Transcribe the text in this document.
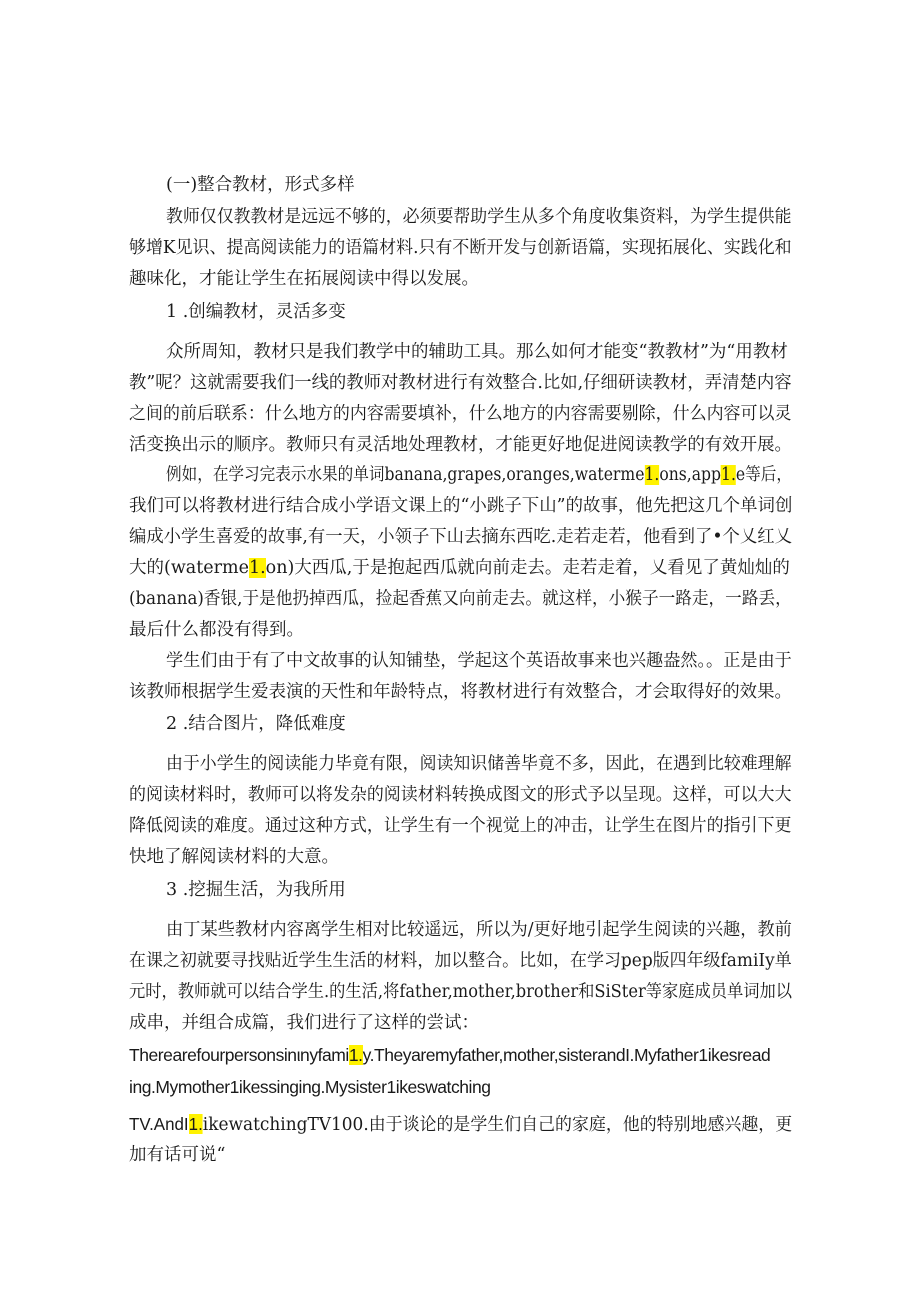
(一)整合教材，形式多样
教师仅仅教教材是远远不够的，必须要帮助学生从多个角度收集资料，为学生提供能
够增K见识、提高阅读能力的语篇材料.只有不断开发与创新语篇，实现拓展化、实践化和
趣味化，才能让学生在拓展阅读中得以发展。
1 .创编教材，灵活多变
众所周知，教材只是我们教学中的辅助工具。那么如何才能变“教教材”为“用教材
教”呢？这就需要我们一线的教师对教材进行有效整合.比如,仔细研读教材，弄清楚内容
之间的前后联系：什么地方的内容需要填补，什么地方的内容需要剔除，什么内容可以灵
活变换出示的顺序。教师只有灵活地处理教材，才能更好地促进阅读教学的有效开展。
例如，在学习完表示水果的单词banana,grapes,oranges,waterme1.ons,app1.e等后，
我们可以将教材进行结合成小学语文课上的“小跳子下山”的故事，他先把这几个单词创
编成小学生喜爱的故事,有一天，小领子下山去摘东西吃.走若走若，他看到了•个乂红乂
大的(waterme1.on)大西瓜,于是抱起西瓜就向前走去。走若走着，乂看见了黄灿灿的
(banana)香银,于是他扔掉西瓜，捡起香蕉又向前走去。就这样，小猴子一路走，一路丢，
最后什么都没有得到。
学生们由于有了中文故事的认知铺垫，学起这个英语故事来也兴趣盎然。。正是由于
该教师根据学生爱表演的天性和年龄特点，将教材进行有效整合，才会取得好的效果。
2 .结合图片，降低难度
由于小学生的阅读能力毕竟有限，阅读知识储善毕竟不多，因此，在遇到比较难理解
的阅读材料时，教师可以将发杂的阅读材料转换成图文的形式予以呈现。这样，可以大大
降低阅读的难度。通过这种方式，让学生有一个视觉上的冲击，让学生在图片的指引下更
快地了解阅读材料的大意。
3 .挖掘生活，为我所用
由丁某些教材内容离学生相对比较遥远，所以为/更好地引起学生阅读的兴趣，教前
在课之初就要寻找贴近学生生活的材料，加以整合。比如，在学习pep版四年级famiIy单
元时，教师就可以结合学生.的生活,将father,mother,brother和SiSter等家庭成员单词加以
成串，并组合成篇，我们进行了这样的尝试：
Therearefourpersonsinιnyfami1.y.Theyaremyfather,mother,sisterandI.Myfather1ikesread
ing.Mymother1ikessinging.Mysister1ikeswatching
TV.AndI1.ikewatchingTV100.由于谈论的是学生们自己的家庭，他的特别地感兴趣，更
加有话可说“
